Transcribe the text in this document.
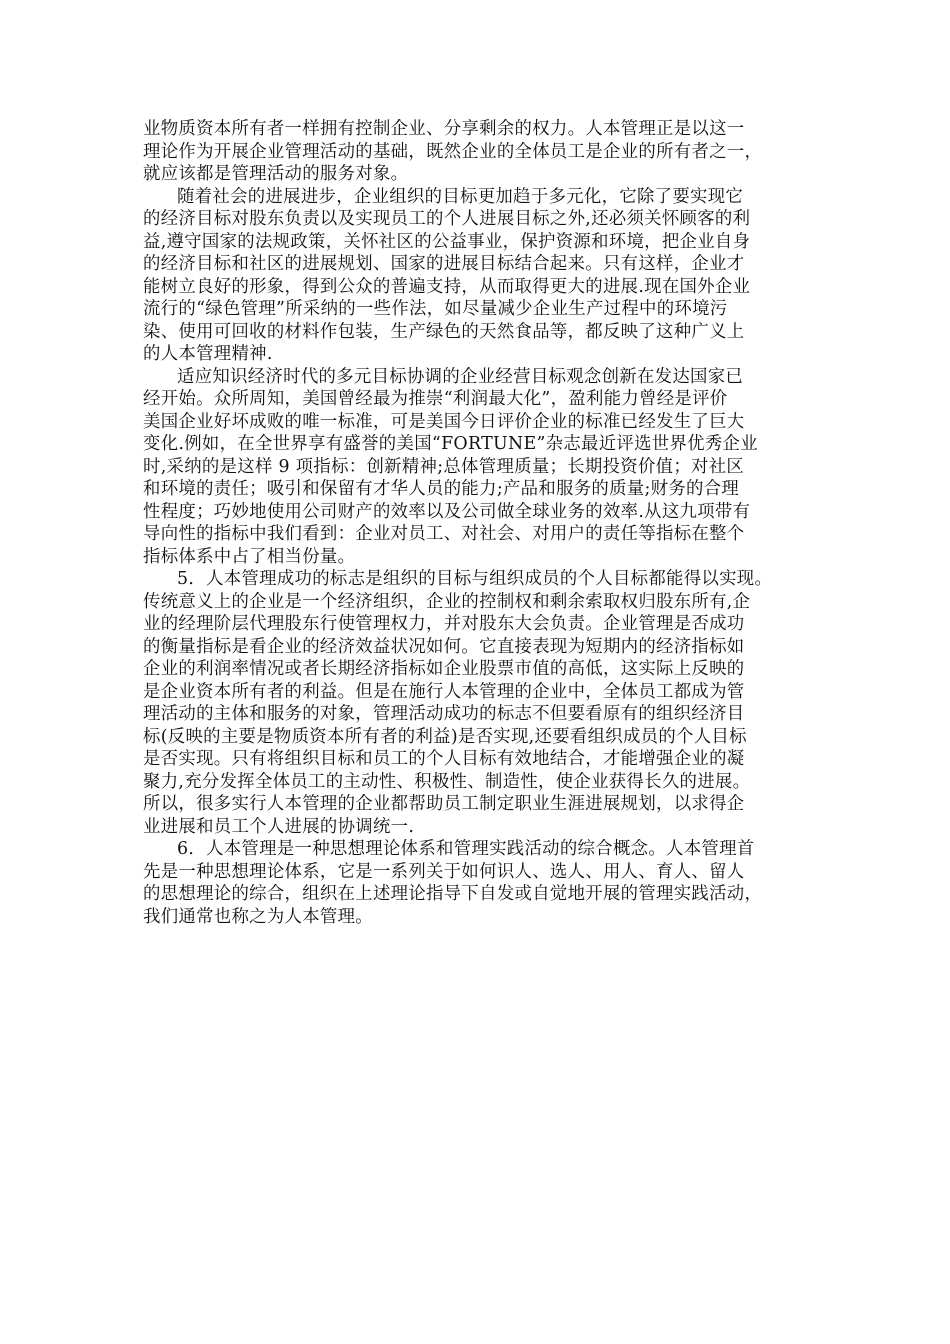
业物质资本所有者一样拥有控制企业、分享剩余的权力。人本管理正是以这一
理论作为开展企业管理活动的基础，既然企业的全体员工是企业的所有者之一，
就应该都是管理活动的服务对象。
随着社会的进展进步，企业组织的目标更加趋于多元化，它除了要实现它
的经济目标对股东负责以及实现员工的个人进展目标之外,还必须关怀顾客的利
益,遵守国家的法规政策，关怀社区的公益事业，保护资源和环境，把企业自身
的经济目标和社区的进展规划、国家的进展目标结合起来。只有这样，企业才
能树立良好的形象，得到公众的普遍支持，从而取得更大的进展.现在国外企业
流行的“绿色管理”所采纳的一些作法，如尽量减少企业生产过程中的环境污
染、使用可回收的材料作包装，生产绿色的天然食品等，都反映了这种广义上
的人本管理精神.
适应知识经济时代的多元目标协调的企业经营目标观念创新在发达国家已
经开始。众所周知，美国曾经最为推崇“利润最大化”，盈利能力曾经是评价
美国企业好坏成败的唯一标准，可是美国今日评价企业的标准已经发生了巨大
变化.例如，在全世界享有盛誉的美国“FORTUNE”杂志最近评选世界优秀企业
时,采纳的是这样 9 项指标：创新精神;总体管理质量；长期投资价值；对社区
和环境的责任；吸引和保留有才华人员的能力;产品和服务的质量;财务的合理
性程度；巧妙地使用公司财产的效率以及公司做全球业务的效率.从这九项带有
导向性的指标中我们看到：企业对员工、对社会、对用户的责任等指标在整个
指标体系中占了相当份量。
5．人本管理成功的标志是组织的目标与组织成员的个人目标都能得以实现。
传统意义上的企业是一个经济组织，企业的控制权和剩余索取权归股东所有,企
业的经理阶层代理股东行使管理权力，并对股东大会负责。企业管理是否成功
的衡量指标是看企业的经济效益状况如何。它直接表现为短期内的经济指标如
企业的利润率情况或者长期经济指标如企业股票市值的高低，这实际上反映的
是企业资本所有者的利益。但是在施行人本管理的企业中，全体员工都成为管
理活动的主体和服务的对象，管理活动成功的标志不但要看原有的组织经济目
标(反映的主要是物质资本所有者的利益)是否实现,还要看组织成员的个人目标
是否实现。只有将组织目标和员工的个人目标有效地结合，才能增强企业的凝
聚力,充分发挥全体员工的主动性、积极性、制造性，使企业获得长久的进展。
所以，很多实行人本管理的企业都帮助员工制定职业生涯进展规划，以求得企
业进展和员工个人进展的协调统一.
6．人本管理是一种思想理论体系和管理实践活动的综合概念。人本管理首
先是一种思想理论体系，它是一系列关于如何识人、选人、用人、育人、留人
的思想理论的综合，组织在上述理论指导下自发或自觉地开展的管理实践活动，
我们通常也称之为人本管理。
